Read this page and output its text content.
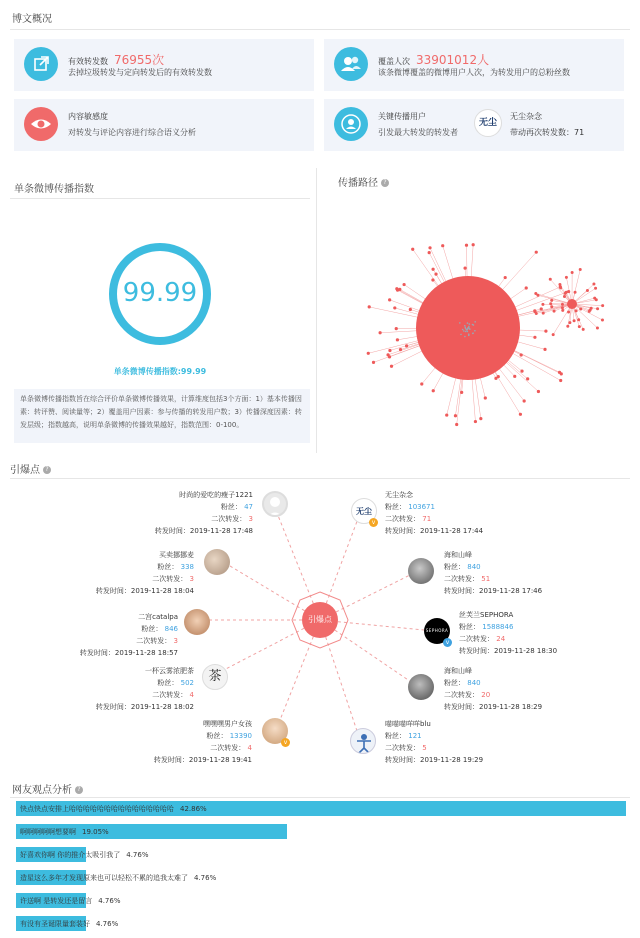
博文概况
有效转发数 76955次
去掉垃圾转发与定向转发后的有效转发数
覆盖人次 33901012人
该条微博覆盖的微博用户人次，为转发用户的总粉丝数
内容敏感度
对转发与评论内容进行综合语义分析
关键传播用户
引发最大转发的转发者
无尘
无尘杂念
带动再次转发数：71
单条微博传播指数
99.99
单条微博传播指数:99.99
单条微博传播指数旨在综合评价单条微博传播效果，计算维度包括3个方面：1）基本传播因素：转评赞、阅读量等；2）覆盖用户因素：参与传播的转发用户数；3）传播深度因素：转发层级；指数越高，说明单条微博的传播效果越好，指数范围：0-100。
传播路径 ?
引爆点 ?
引爆点
时尚的爱吃的瘦子1221
粉丝： 47
二次转发： 3
转发时间：2019-11-28 17:48
买卖挪挪麦
粉丝： 338
二次转发： 3
转发时间：2019-11-28 18:04
二宫catalpa
粉丝： 846
二次转发： 3
转发时间：2019-11-28 18:57
一杯云雾浓肥茶
粉丝： 502
二次转发： 4
转发时间：2019-11-28 18:02
茶
嘿嘿嘿男户女孩
粉丝： 13390
二次转发： 4
转发时间：2019-11-28 19:41
v
无尘
v
无尘杂念
粉丝： 103671
二次转发： 71
转发时间：2019-11-28 17:44
海和山峰
粉丝： 840
二次转发： 51
转发时间：2019-11-28 17:46
SEPHORA
v
丝芙兰SEPHORA
粉丝： 1588846
二次转发： 24
转发时间：2019-11-28 18:30
海和山峰
粉丝： 840
二次转发： 20
转发时间：2019-11-28 18:29
喵喵喵咩咩blu
粉丝： 121
二次转发： 5
转发时间：2019-11-28 19:29
网友观点分析 ?
快点快点安排上哈哈哈哈哈哈哈哈哈哈哈哈哈哈哈 42.86%
啊啊啊啊啊想要啊 19.05%
好喜欢你啊 你的推介太吸引我了 4.76%
造星这么多年才发现原来也可以轻松不累的追我太难了 4.76%
许送啊 是转发还是留言 4.76%
有没有圣诞限量套装好 4.76%
